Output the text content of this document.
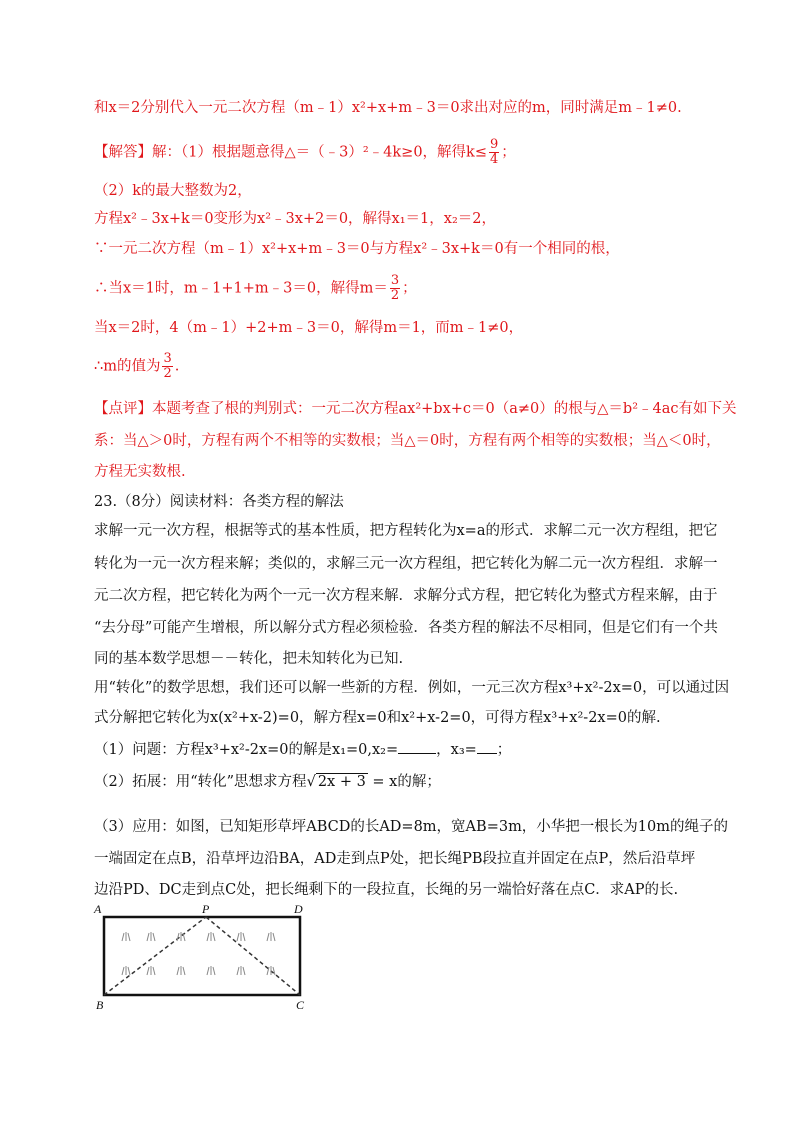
和x＝2分别代入一元二次方程（m﹣1）x²+x+m﹣3＝0求出对应的m，同时满足m﹣1≠0.
【解答】解：（1）根据题意得△＝（﹣3）²﹣4k≥0，解得$k\le \frac{9}{4}$ ；
（2）k的最大整数为2，
方程x²﹣3x+k＝0变形为x²﹣3x+2＝0，解得x₁＝1，x₂＝2，
∵一元二次方程（m﹣1）x²+x+m﹣3＝0与方程x²﹣3x+k＝0有一个相同的根，
∴当x＝1时，m﹣1+1+m﹣3＝0，解得$m= \frac{3}{2}$ ；
当x＝2时，4（m﹣1）+2+m﹣3＝0，解得m＝1，而m﹣1≠0，
∴m的值为 $\frac{3}{2}$ .
【点评】本题考查了根的判别式：一元二次方程ax²+bx+c＝0（a≠0）的根与△＝b²﹣4ac有如下关
系：当△＞0时，方程有两个不相等的实数根；当△＝0时，方程有两个相等的实数根；当△＜0时，
方程无实数根.
23.（8分）阅读材料：各类方程的解法
求解一元一次方程，根据等式的基本性质，把方程转化为x=a的形式．求解二元一次方程组，把它
转化为一元一次方程来解；类似的，求解三元一次方程组，把它转化为解二元一次方程组．求解一
元二次方程，把它转化为两个一元一次方程来解．求解分式方程，把它转化为整式方程来解，由于
“去分母”可能产生增根，所以解分式方程必须检验．各类方程的解法不尽相同，但是它们有一个共
同的基本数学思想－－转化，把未知转化为已知.
用“转化”的数学思想，我们还可以解一些新的方程．例如，一元三次方程x³+x²-2x=0，可以通过因
式分解把它转化为x(x²+x-2)=0，解方程x=0和x²+x-2=0，可得方程x³+x²-2x=0的解.
（1）问题：方程x³+x²-2x=0的解是x₁=0,x₂=	，x₃= ；
（2）拓展：用“转化”思想求方程√ 2x + 3 = x的解；
（3）应用：如图，已知矩形草坪ABCD的长AD=8m，宽AB=3m，小华把一根长为10m的绳子的
一端固定在点B，沿草坪边沿BA，AD走到点P处，把长绳PB段拉直并固定在点P，然后沿草坪
边沿PD、DC走到点C处，把长绳剩下的一段拉直，长绳的另一端恰好落在点C．求AP的长.
A	P	D
B	C
